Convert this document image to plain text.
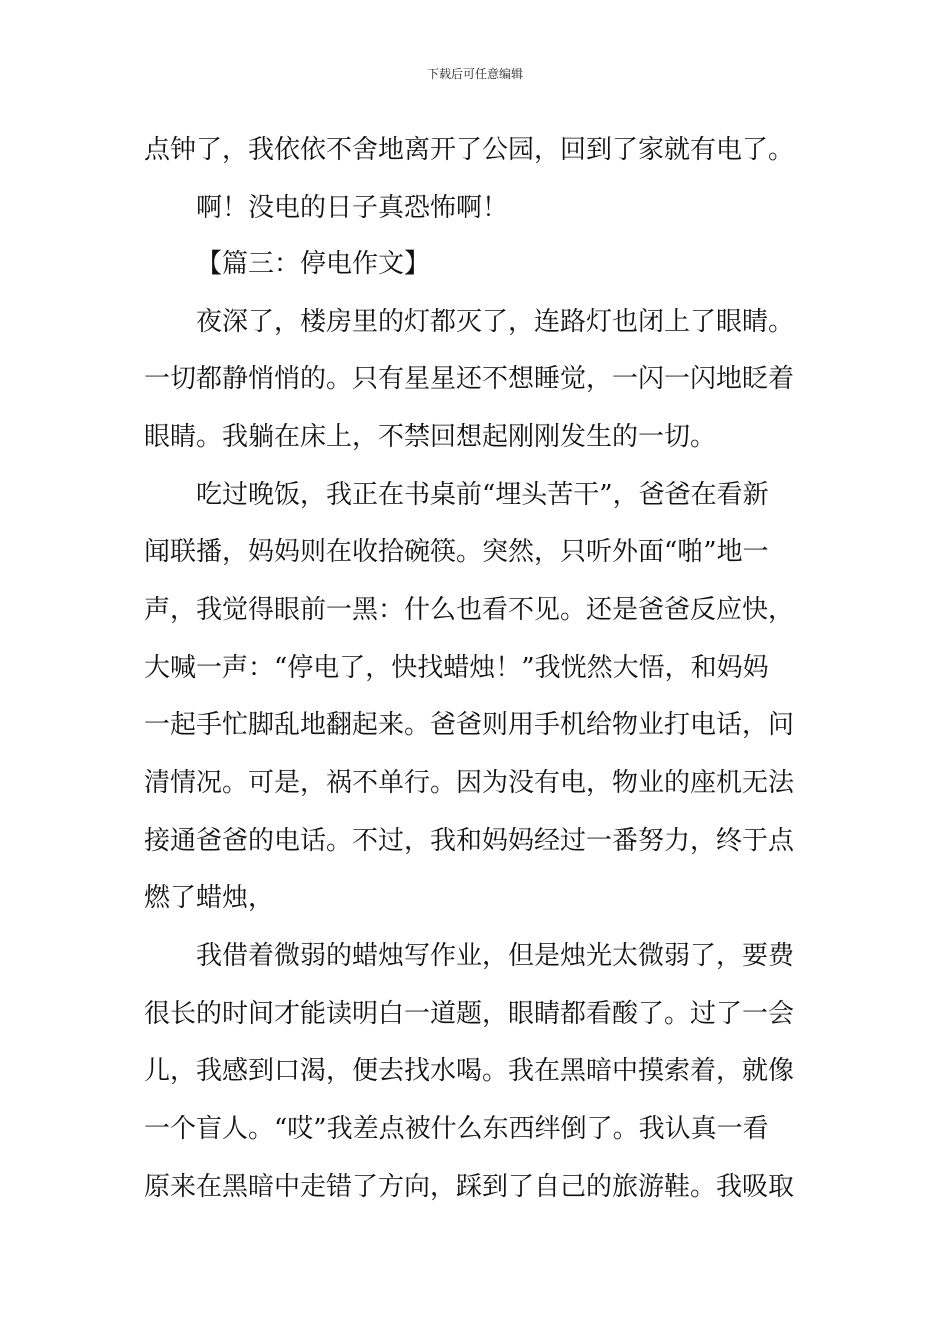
下载后可任意编辑
点钟了，我依依不舍地离开了公园，回到了家就有电了。
啊！没电的日子真恐怖啊！
【篇三：停电作文】
夜深了，楼房里的灯都灭了，连路灯也闭上了眼睛。
一切都静悄悄的。只有星星还不想睡觉，一闪一闪地眨着
眼睛。我躺在床上，不禁回想起刚刚发生的一切。
吃过晚饭，我正在书桌前“埋头苦干”，爸爸在看新
闻联播，妈妈则在收拾碗筷。突然，只听外面“啪”地一
声，我觉得眼前一黑：什么也看不见。还是爸爸反应快，
大喊一声：“停电了，快找蜡烛！”我恍然大悟，和妈妈
一起手忙脚乱地翻起来。爸爸则用手机给物业打电话，问
清情况。可是，祸不单行。因为没有电，物业的座机无法
接通爸爸的电话。不过，我和妈妈经过一番努力，终于点
燃了蜡烛，
我借着微弱的蜡烛写作业，但是烛光太微弱了，要费
很长的时间才能读明白一道题，眼睛都看酸了。过了一会
儿，我感到口渴，便去找水喝。我在黑暗中摸索着，就像
一个盲人。“哎”我差点被什么东西绊倒了。我认真一看
原来在黑暗中走错了方向，踩到了自己的旅游鞋。我吸取
